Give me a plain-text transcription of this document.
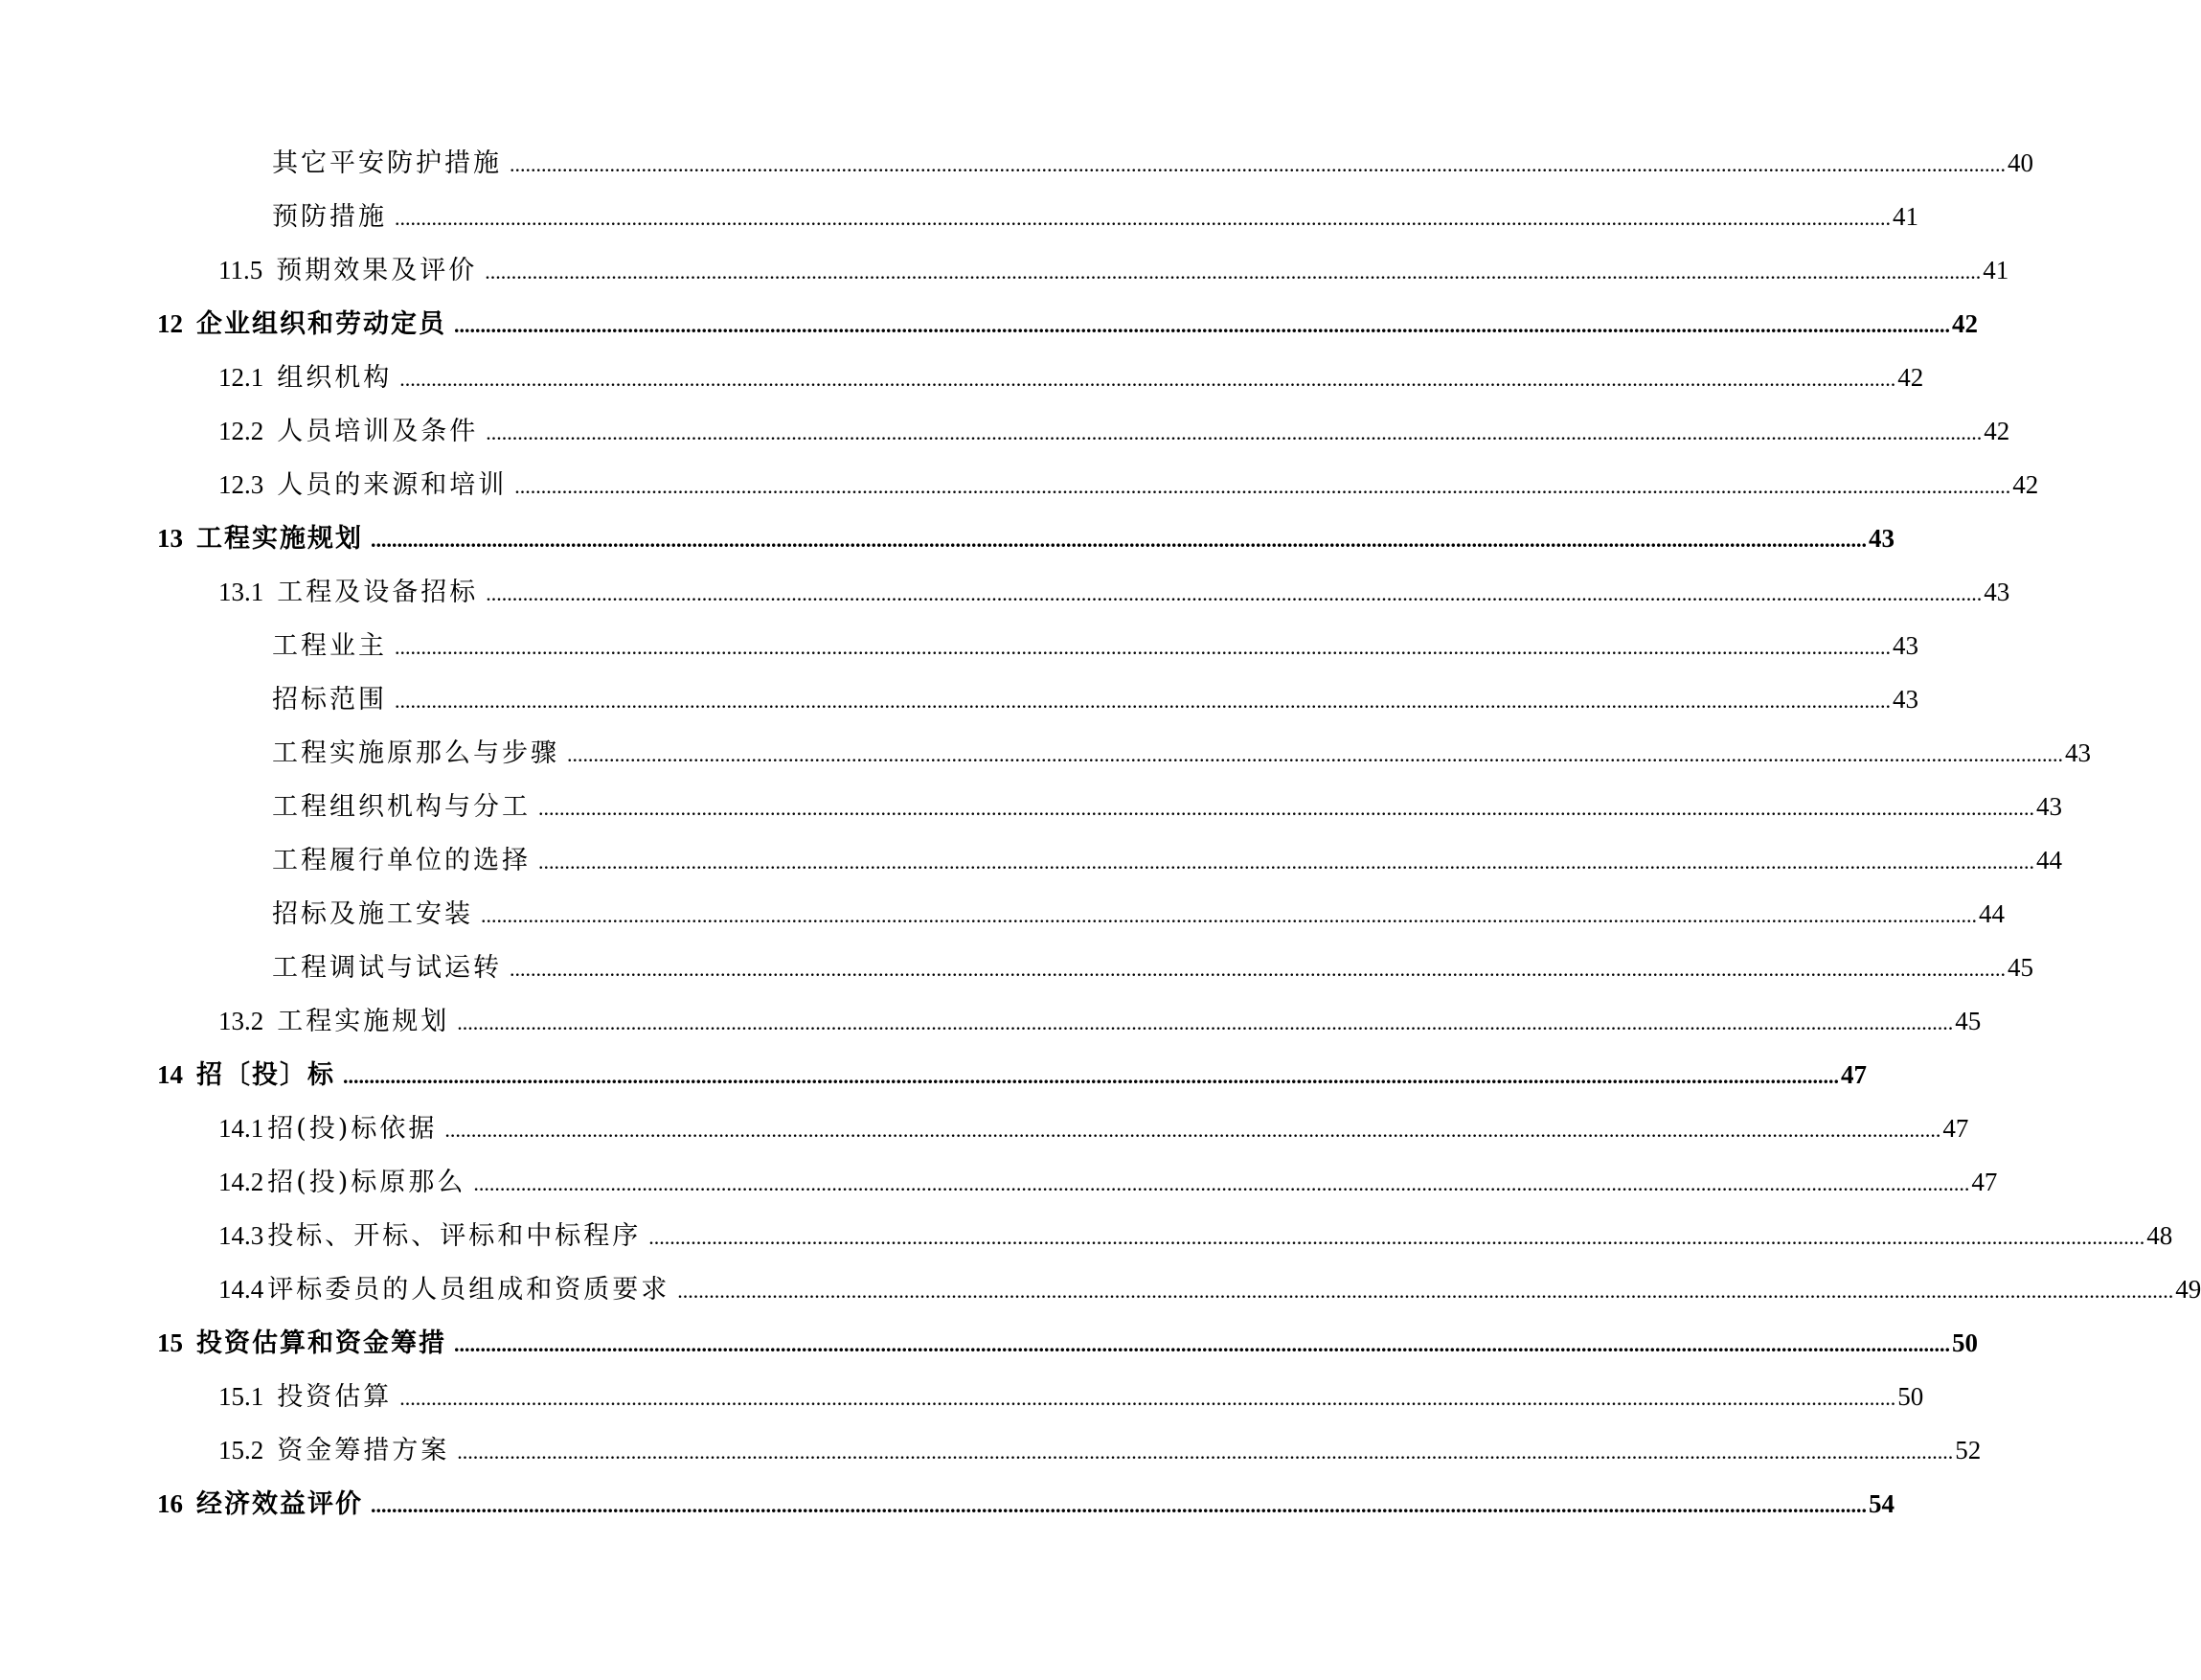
其它平安防护措施 .....	40
预防措施 .....	41
11.5 预期效果及评价 .....	41
12 企业组织和劳动定员 .....	42
12.1 组织机构 .....	42
12.2 人员培训及条件 .....	42
12.3 人员的来源和培训 .....	42
13 工程实施规划 .....	43
13.1 工程及设备招标 .....	43
工程业主 .....	43
招标范围 .....	43
工程实施原那么与步骤 .....	43
工程组织机构与分工 .....	43
工程履行单位的选择 .....	44
招标及施工安装 .....	44
工程调试与试运转 .....	45
13.2 工程实施规划 .....	45
14 招〔投〕标 .....	47
14.1 招(投)标依据 .....	47
14.2 招(投)标原那么 .....	47
14.3 投标、开标、评标和中标程序 .....	48
14.4 评标委员的人员组成和资质要求 .....	49
15 投资估算和资金筹措 .....	50
15.1 投资估算 .....	50
15.2 资金筹措方案 .....	52
16 经济效益评价 .....	54
